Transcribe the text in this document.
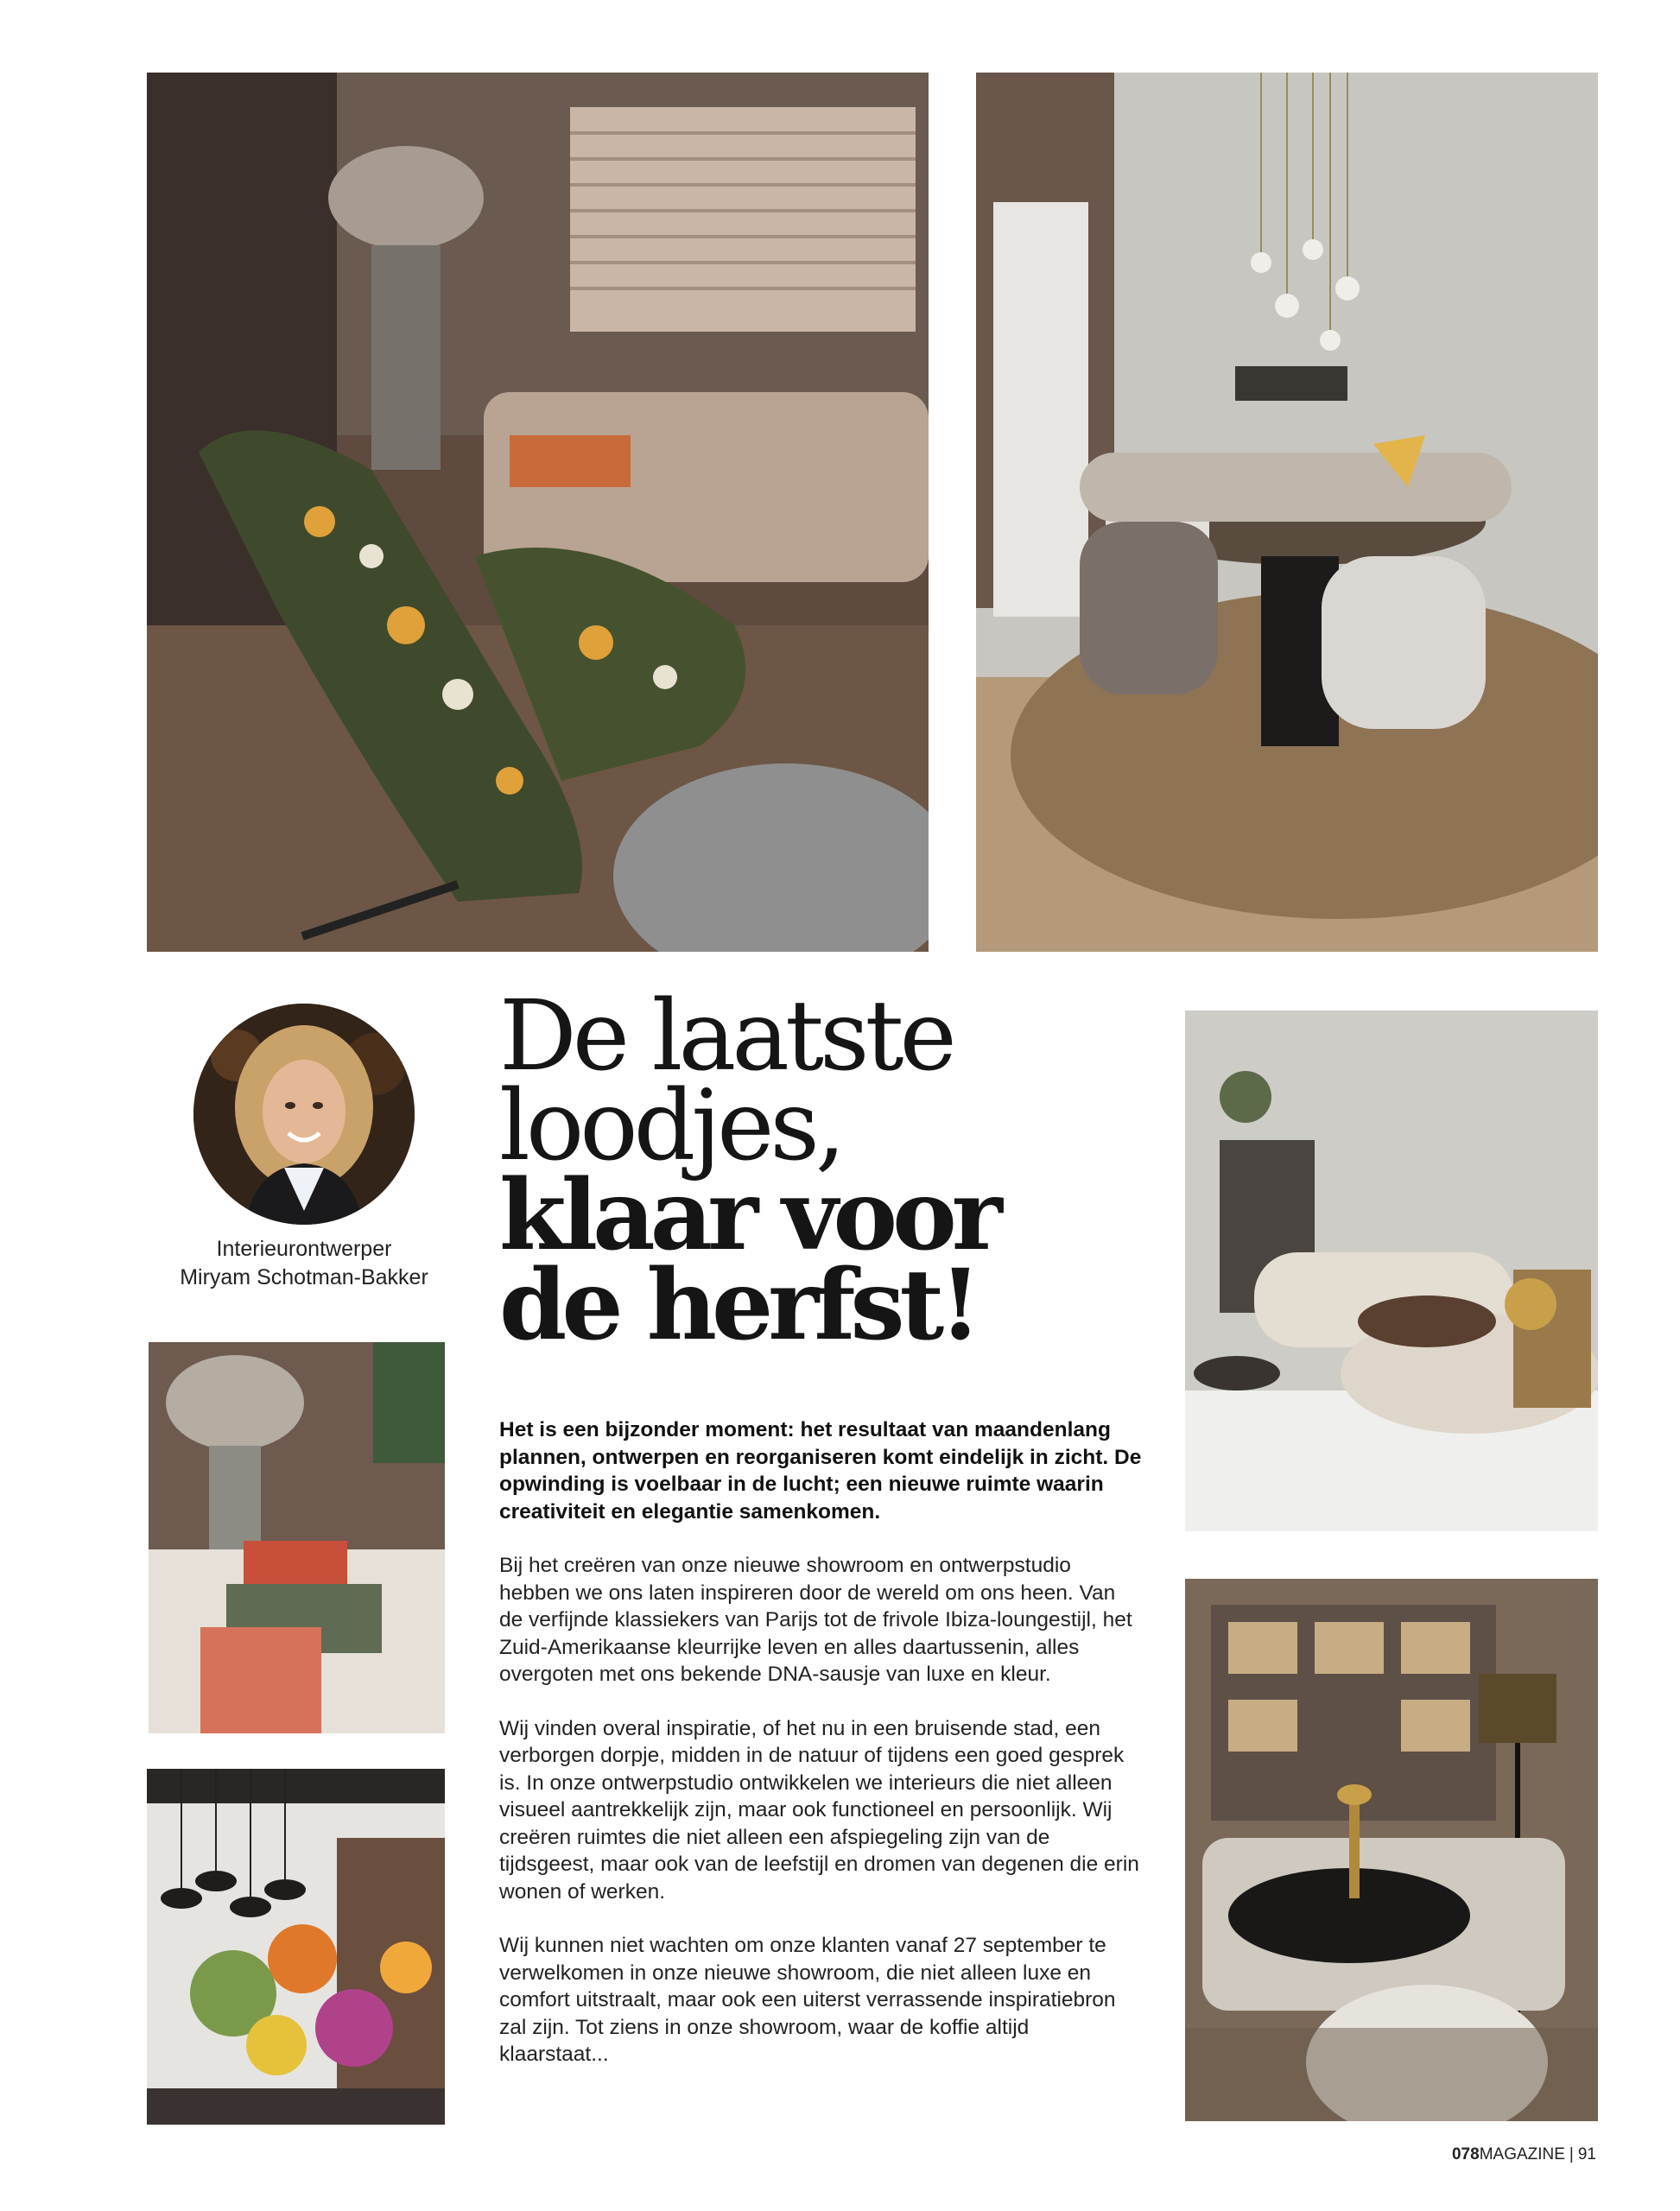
Interieurontwerper
Miryam Schotman-Bakker
De laatste
loodjes,
klaar voor
de herfst!

Het is een bijzonder moment: het resultaat van maandenlang plannen, ontwerpen en reorganiseren komt eindelijk in zicht. De opwinding is voelbaar in de lucht; een nieuwe ruimte waarin creativiteit en elegantie samenkomen.

Bij het creëren van onze nieuwe showroom en ontwerpstudio hebben we ons laten inspireren door de wereld om ons heen. Van de verfijnde klassiekers van Parijs tot de frivole Ibiza-loungestijl, het Zuid-Amerikaanse kleurrijke leven en alles daartussenin, alles overgoten met ons bekende DNA-sausje van luxe en kleur.

Wij vinden overal inspiratie, of het nu in een bruisende stad, een verborgen dorpje, midden in de natuur of tijdens een goed gesprek is. In onze ontwerpstudio ontwikkelen we interieurs die niet alleen visueel aantrekkelijk zijn, maar ook functioneel en persoonlijk. Wij creëren ruimtes die niet alleen een afspiegeling zijn van de tijdsgeest, maar ook van de leefstijl en dromen van degenen die erin wonen of werken.

Wij kunnen niet wachten om onze klanten vanaf 27 september te verwelkomen in onze nieuwe showroom, die niet alleen luxe en comfort uitstraalt, maar ook een uiterst verrassende inspiratiebron zal zijn. Tot ziens in onze showroom, waar de koffie altijd klaarstaat...

078MAGAZINE | 91
